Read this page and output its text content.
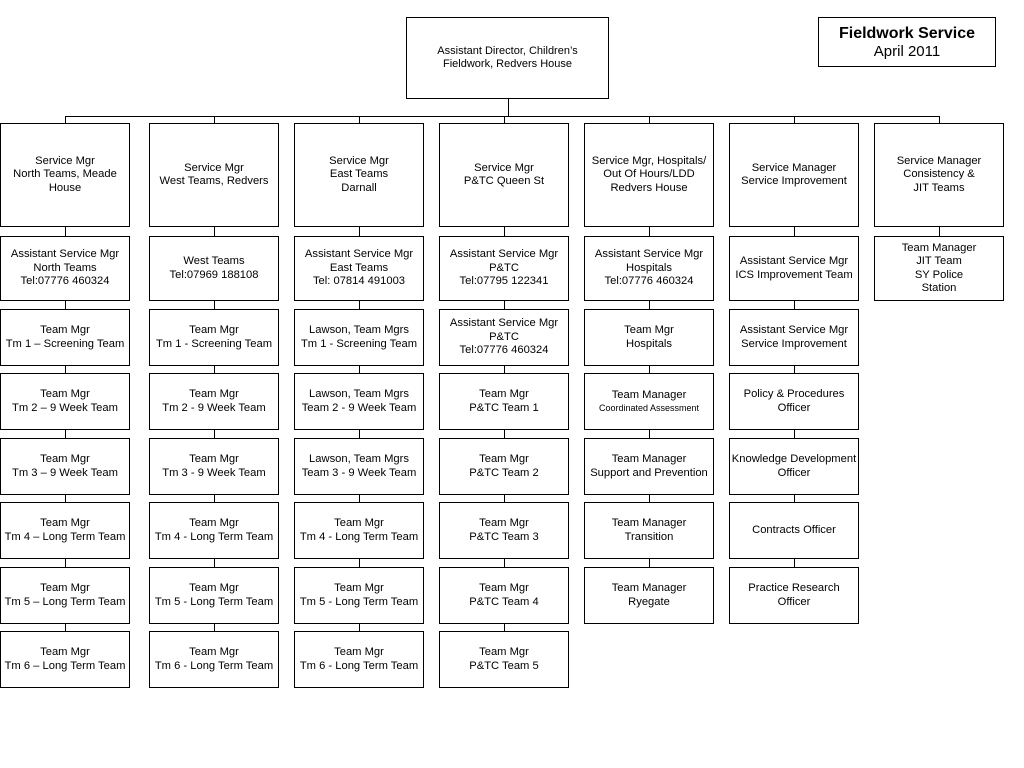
Fieldwork Service
April 2011
Assistant Director, Children’s
Fieldwork, Redvers House
Service Mgr
North Teams, Meade
House
Assistant Service Mgr
North Teams
Tel:07776 460324
Team Mgr
Tm 1 – Screening Team
Team Mgr
Tm 2 – 9 Week Team
Team Mgr
Tm 3 – 9 Week Team
Team Mgr
Tm 4 – Long Term Team
Team Mgr
Tm 5 – Long Term Team
Team Mgr
Tm 6 – Long Term Team
Service Mgr
West Teams, Redvers
West Teams
Tel:07969 188108
Team Mgr
Tm 1 - Screening Team
Team Mgr
Tm 2 - 9 Week Team
Team Mgr
Tm 3 - 9 Week Team
Team Mgr
Tm 4 - Long Term Team
Team Mgr
Tm 5 - Long Term Team
Team Mgr
Tm 6 - Long Term Team
Service Mgr
East Teams
Darnall
Assistant Service Mgr
East Teams
Tel: 07814 491003
Lawson, Team Mgrs
Tm 1 - Screening Team
Lawson, Team Mgrs
Team 2 - 9 Week Team
Lawson, Team Mgrs
Team 3 - 9 Week Team
Team Mgr
Tm 4 - Long Term Team
Team Mgr
Tm 5 - Long Term Team
Team Mgr
Tm 6 - Long Term Team
Service Mgr
P&TC Queen St
Assistant Service Mgr
P&TC
Tel:07795 122341
Assistant Service Mgr
P&TC
Tel:07776 460324
Team Mgr
P&TC Team 1
Team Mgr
P&TC Team 2
Team Mgr
P&TC Team 3
Team Mgr
P&TC Team 4
Team Mgr
P&TC Team 5
Service Mgr, Hospitals/
Out Of Hours/LDD
Redvers House
Assistant Service Mgr
Hospitals
Tel:07776 460324
Team Mgr
Hospitals
Team Manager
Coordinated Assessment
Team Manager
Support and Prevention
Team Manager
Transition
Team Manager
Ryegate
Service Manager
Service Improvement
Assistant Service Mgr
ICS Improvement Team
Assistant Service Mgr
Service Improvement
Policy & Procedures
Officer
Knowledge Development
Officer
Contracts Officer
Practice Research
Officer
Service Manager
Consistency &
JIT Teams
Team Manager
JIT Team
SY Police
Station
